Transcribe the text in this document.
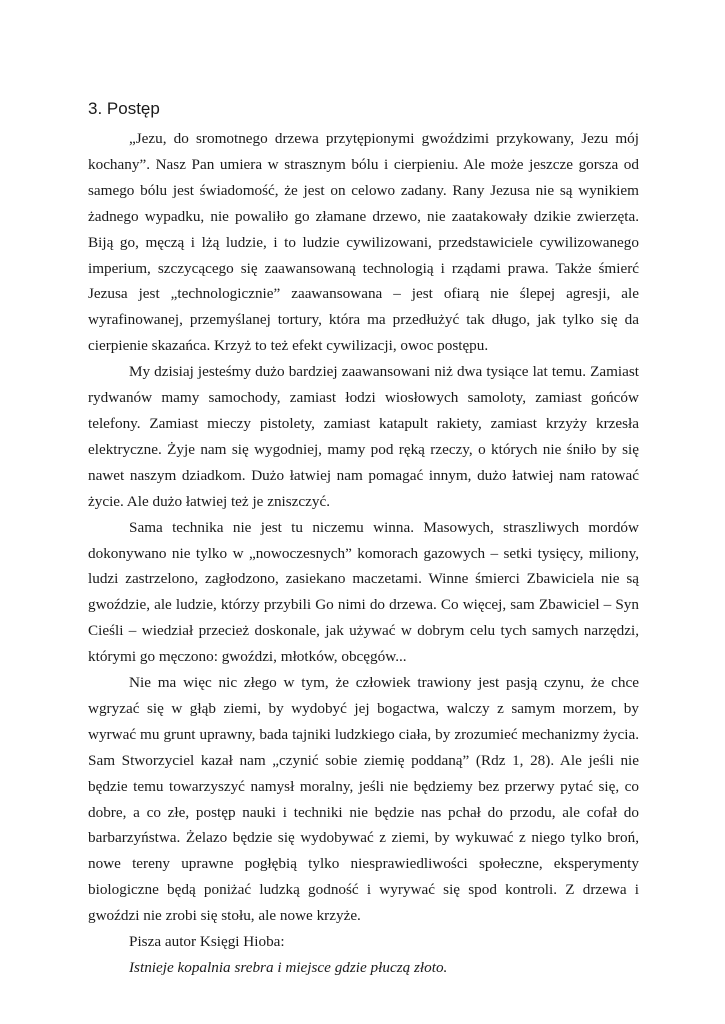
3. Postęp

„Jezu, do sromotnego drzewa przytępionymi gwoździmi przykowany, Jezu mój kochany”. Nasz Pan umiera w strasznym bólu i cierpieniu. Ale może jeszcze gorsza od samego bólu jest świadomość, że jest on celowo zadany. Rany Jezusa nie są wynikiem żadnego wypadku, nie powaliło go złamane drzewo, nie zaatakowały dzikie zwierzęta. Biją go, męczą i lżą ludzie, i to ludzie cywilizowani, przedstawiciele cywilizowanego imperium, szczycącego się zaawansowaną technologią i rządami prawa. Także śmierć Jezusa jest „technologicznie” zaawansowana – jest ofiarą nie ślepej agresji, ale wyrafinowanej, przemyślanej tortury, która ma przedłużyć tak długo, jak tylko się da cierpienie skazańca. Krzyż to też efekt cywilizacji, owoc postępu.

My dzisiaj jesteśmy dużo bardziej zaawansowani niż dwa tysiące lat temu. Zamiast rydwanów mamy samochody, zamiast łodzi wiosłowych samoloty, zamiast gońców telefony. Zamiast mieczy pistolety, zamiast katapult rakiety, zamiast krzyży krzesła elektryczne. Żyje nam się wygodniej, mamy pod ręką rzeczy, o których nie śniło by się nawet naszym dziadkom. Dużo łatwiej nam pomagać innym, dużo łatwiej nam ratować życie. Ale dużo łatwiej też je zniszczyć.

Sama technika nie jest tu niczemu winna. Masowych, straszliwych mordów dokonywano nie tylko w „nowoczesnych” komorach gazowych – setki tysięcy, miliony, ludzi zastrzelono, zagłodzono, zasiekano maczetami. Winne śmierci Zbawiciela nie są gwoździe, ale ludzie, którzy przybili Go nimi do drzewa. Co więcej, sam Zbawiciel – Syn Cieśli – wiedział przecież doskonale, jak używać w dobrym celu tych samych narzędzi, którymi go męczono: gwoździ, młotków, obcęgów...

Nie ma więc nic złego w tym, że człowiek trawiony jest pasją czynu, że chce wgryzać się w głąb ziemi, by wydobyć jej bogactwa, walczy z samym morzem, by wyrwać mu grunt uprawny, bada tajniki ludzkiego ciała, by zrozumieć mechanizmy życia. Sam Stworzyciel kazał nam „czynić sobie ziemię poddaną” (Rdz 1, 28). Ale jeśli nie będzie temu towarzyszyć namysł moralny, jeśli nie będziemy bez przerwy pytać się, co dobre, a co złe, postęp nauki i techniki nie będzie nas pchał do przodu, ale cofał do barbarzyństwa. Żelazo będzie się wydobywać z ziemi, by wykuwać z niego tylko broń, nowe tereny uprawne pogłębią tylko niesprawiedliwości społeczne, eksperymenty biologiczne będą poniżać ludzką godność i wyrywać się spod kontroli. Z drzewa i gwoździ nie zrobi się stołu, ale nowe krzyże.

Pisza autor Księgi Hioba:

Istnieje kopalnia srebra i miejsce gdzie płuczą złoto.
